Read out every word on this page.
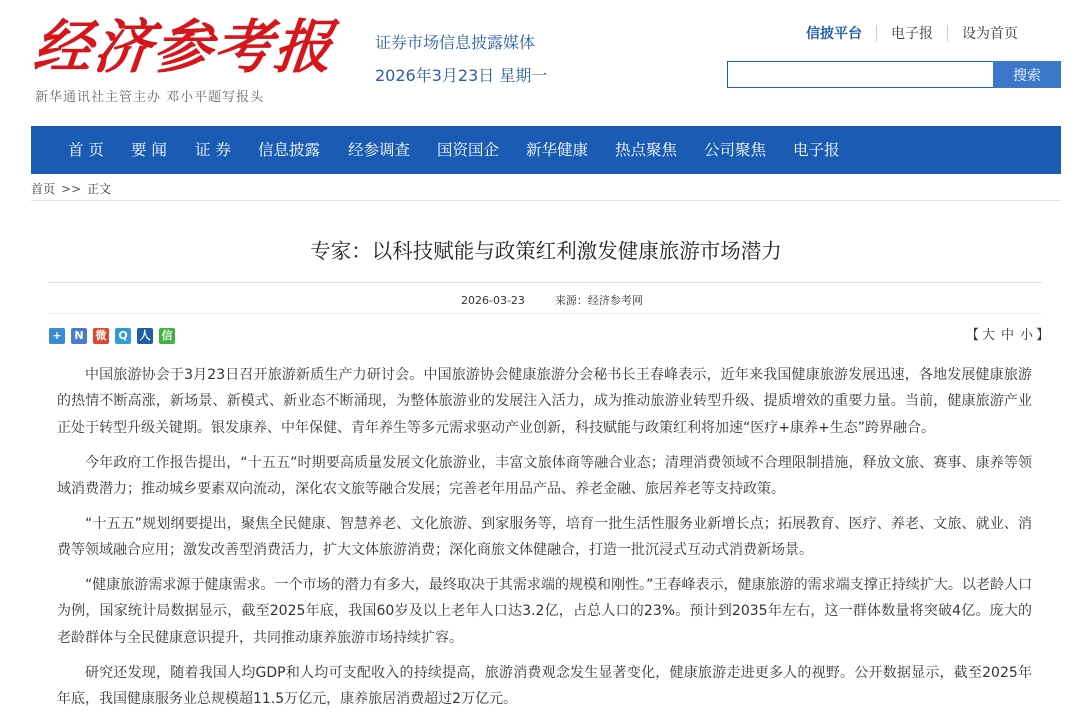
经济参考报
新华通讯社主管主办 邓小平题写报头
证券市场信息披露媒体
2026年3月23日 星期一
信披平台 电子报 设为首页
搜索
首 页 要 闻 证 券 信息披露 经参调查 国资国企 新华健康 热点聚焦 公司聚焦 电子报
首页 >> 正文
专家：以科技赋能与政策红利激发健康旅游市场潜力
2026-03-23	来源：经济参考网
+	N	微	Q	人 信	【 大 中 小 】

中国旅游协会于3月23日召开旅游新质生产力研讨会。中国旅游协会健康旅游分会秘书长王春峰表示，近年来我国健康旅游发展迅速，各地发展健康旅游的热情不断高涨，新场景、新模式、新业态不断涌现，为整体旅游业的发展注入活力，成为推动旅游业转型升级、提质增效的重要力量。当前，健康旅游产业正处于转型升级关键期。银发康养、中年保健、青年养生等多元需求驱动产业创新，科技赋能与政策红利将加速“医疗+康养+生态”跨界融合。

今年政府工作报告提出，“十五五”时期要高质量发展文化旅游业，丰富文旅体商等融合业态；清理消费领域不合理限制措施，释放文旅、赛事、康养等领域消费潜力；推动城乡要素双向流动，深化农文旅等融合发展；完善老年用品产品、养老金融、旅居养老等支持政策。

“十五五”规划纲要提出，聚焦全民健康、智慧养老、文化旅游、到家服务等，培育一批生活性服务业新增长点；拓展教育、医疗、养老、文旅、就业、消费等领域融合应用；激发改善型消费活力，扩大文体旅游消费；深化商旅文体健融合，打造一批沉浸式互动式消费新场景。

“健康旅游需求源于健康需求。一个市场的潜力有多大，最终取决于其需求端的规模和刚性。”王春峰表示，健康旅游的需求端支撑正持续扩大。以老龄人口为例，国家统计局数据显示，截至2025年底，我国60岁及以上老年人口达3.2亿，占总人口的23%。预计到2035年左右，这一群体数量将突破4亿。庞大的老龄群体与全民健康意识提升，共同推动康养旅游市场持续扩容。

研究还发现，随着我国人均GDP和人均可支配收入的持续提高，旅游消费观念发生显著变化，健康旅游走进更多人的视野。公开数据显示，截至2025年年底，我国健康服务业总规模超11.5万亿元，康养旅居消费超过2万亿元。
